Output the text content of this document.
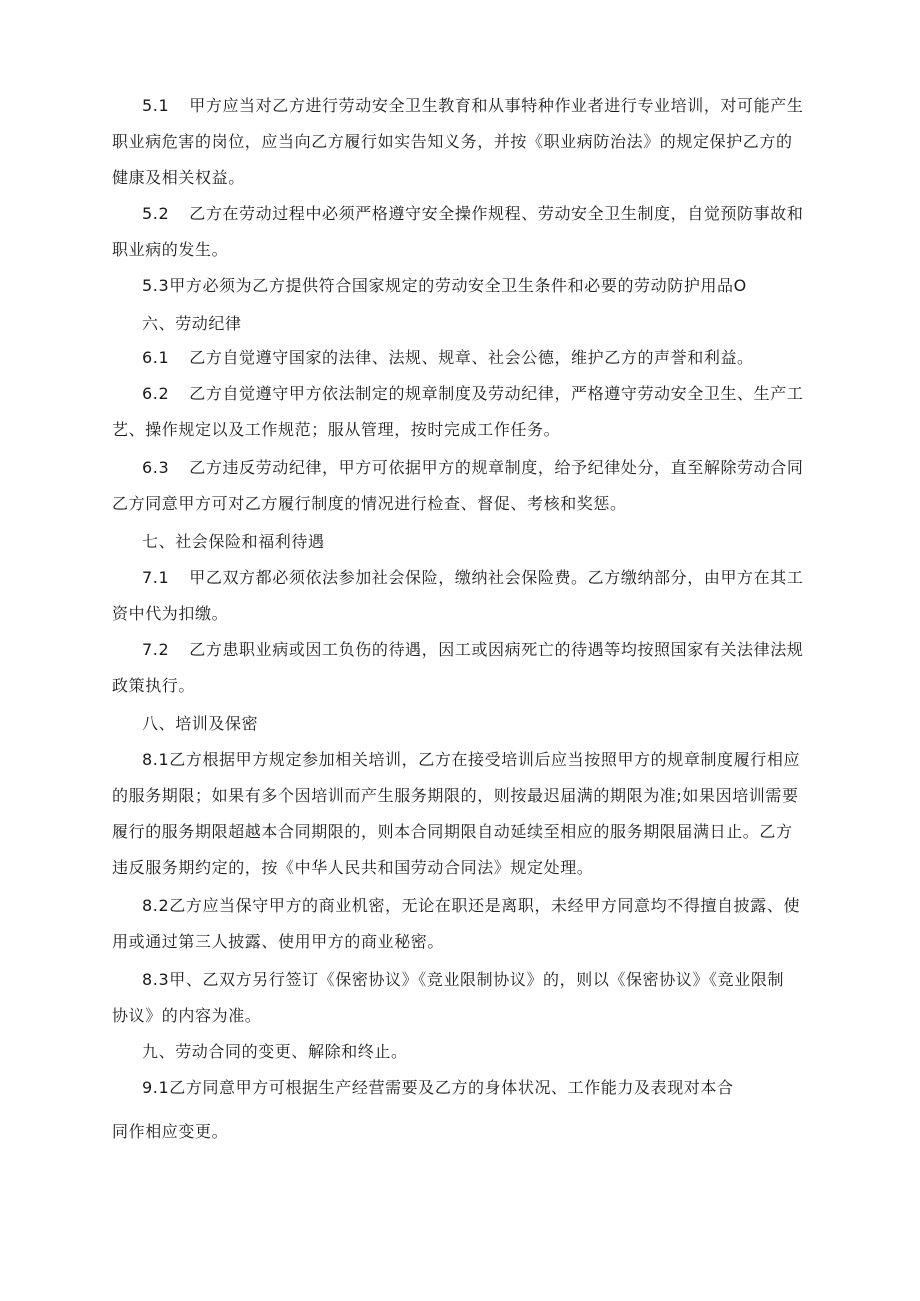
5.1 甲方应当对乙方进行劳动安全卫生教育和从事特种作业者进行专业培训，对可能产生
职业病危害的岗位，应当向乙方履行如实告知义务，并按《职业病防治法》的规定保护乙方的
健康及相关权益。
5.2 乙方在劳动过程中必须严格遵守安全操作规程、劳动安全卫生制度，自觉预防事故和
职业病的发生。
5.3甲方必须为乙方提供符合国家规定的劳动安全卫生条件和必要的劳动防护用品O
六、劳动纪律
6.1 乙方自觉遵守国家的法律、法规、规章、社会公德，维护乙方的声誉和利益。
6.2 乙方自觉遵守甲方依法制定的规章制度及劳动纪律，严格遵守劳动安全卫生、生产工
艺、操作规定以及工作规范；服从管理，按时完成工作任务。
6.3 乙方违反劳动纪律，甲方可依据甲方的规章制度，给予纪律处分，直至解除劳动合同
乙方同意甲方可对乙方履行制度的情况进行检查、督促、考核和奖惩。
七、社会保险和福利待遇
7.1 甲乙双方都必须依法参加社会保险，缴纳社会保险费。乙方缴纳部分，由甲方在其工
资中代为扣缴。
7.2 乙方患职业病或因工负伤的待遇，因工或因病死亡的待遇等均按照国家有关法律法规
政策执行。
八、培训及保密
8.1乙方根据甲方规定参加相关培训，乙方在接受培训后应当按照甲方的规章制度履行相应
的服务期限；如果有多个因培训而产生服务期限的，则按最迟届满的期限为准;如果因培训需要
履行的服务期限超越本合同期限的，则本合同期限自动延续至相应的服务期限届满日止。乙方
违反服务期约定的，按《中华人民共和国劳动合同法》规定处理。
8.2乙方应当保守甲方的商业机密，无论在职还是离职，未经甲方同意均不得擅自披露、使
用或通过第三人披露、使用甲方的商业秘密。
8.3甲、乙双方另行签订《保密协议》《竞业限制协议》的，则以《保密协议》《竞业限制
协议》的内容为准。
九、劳动合同的变更、解除和终止。
9.1乙方同意甲方可根据生产经营需要及乙方的身体状况、工作能力及表现对本合
同作相应变更。
